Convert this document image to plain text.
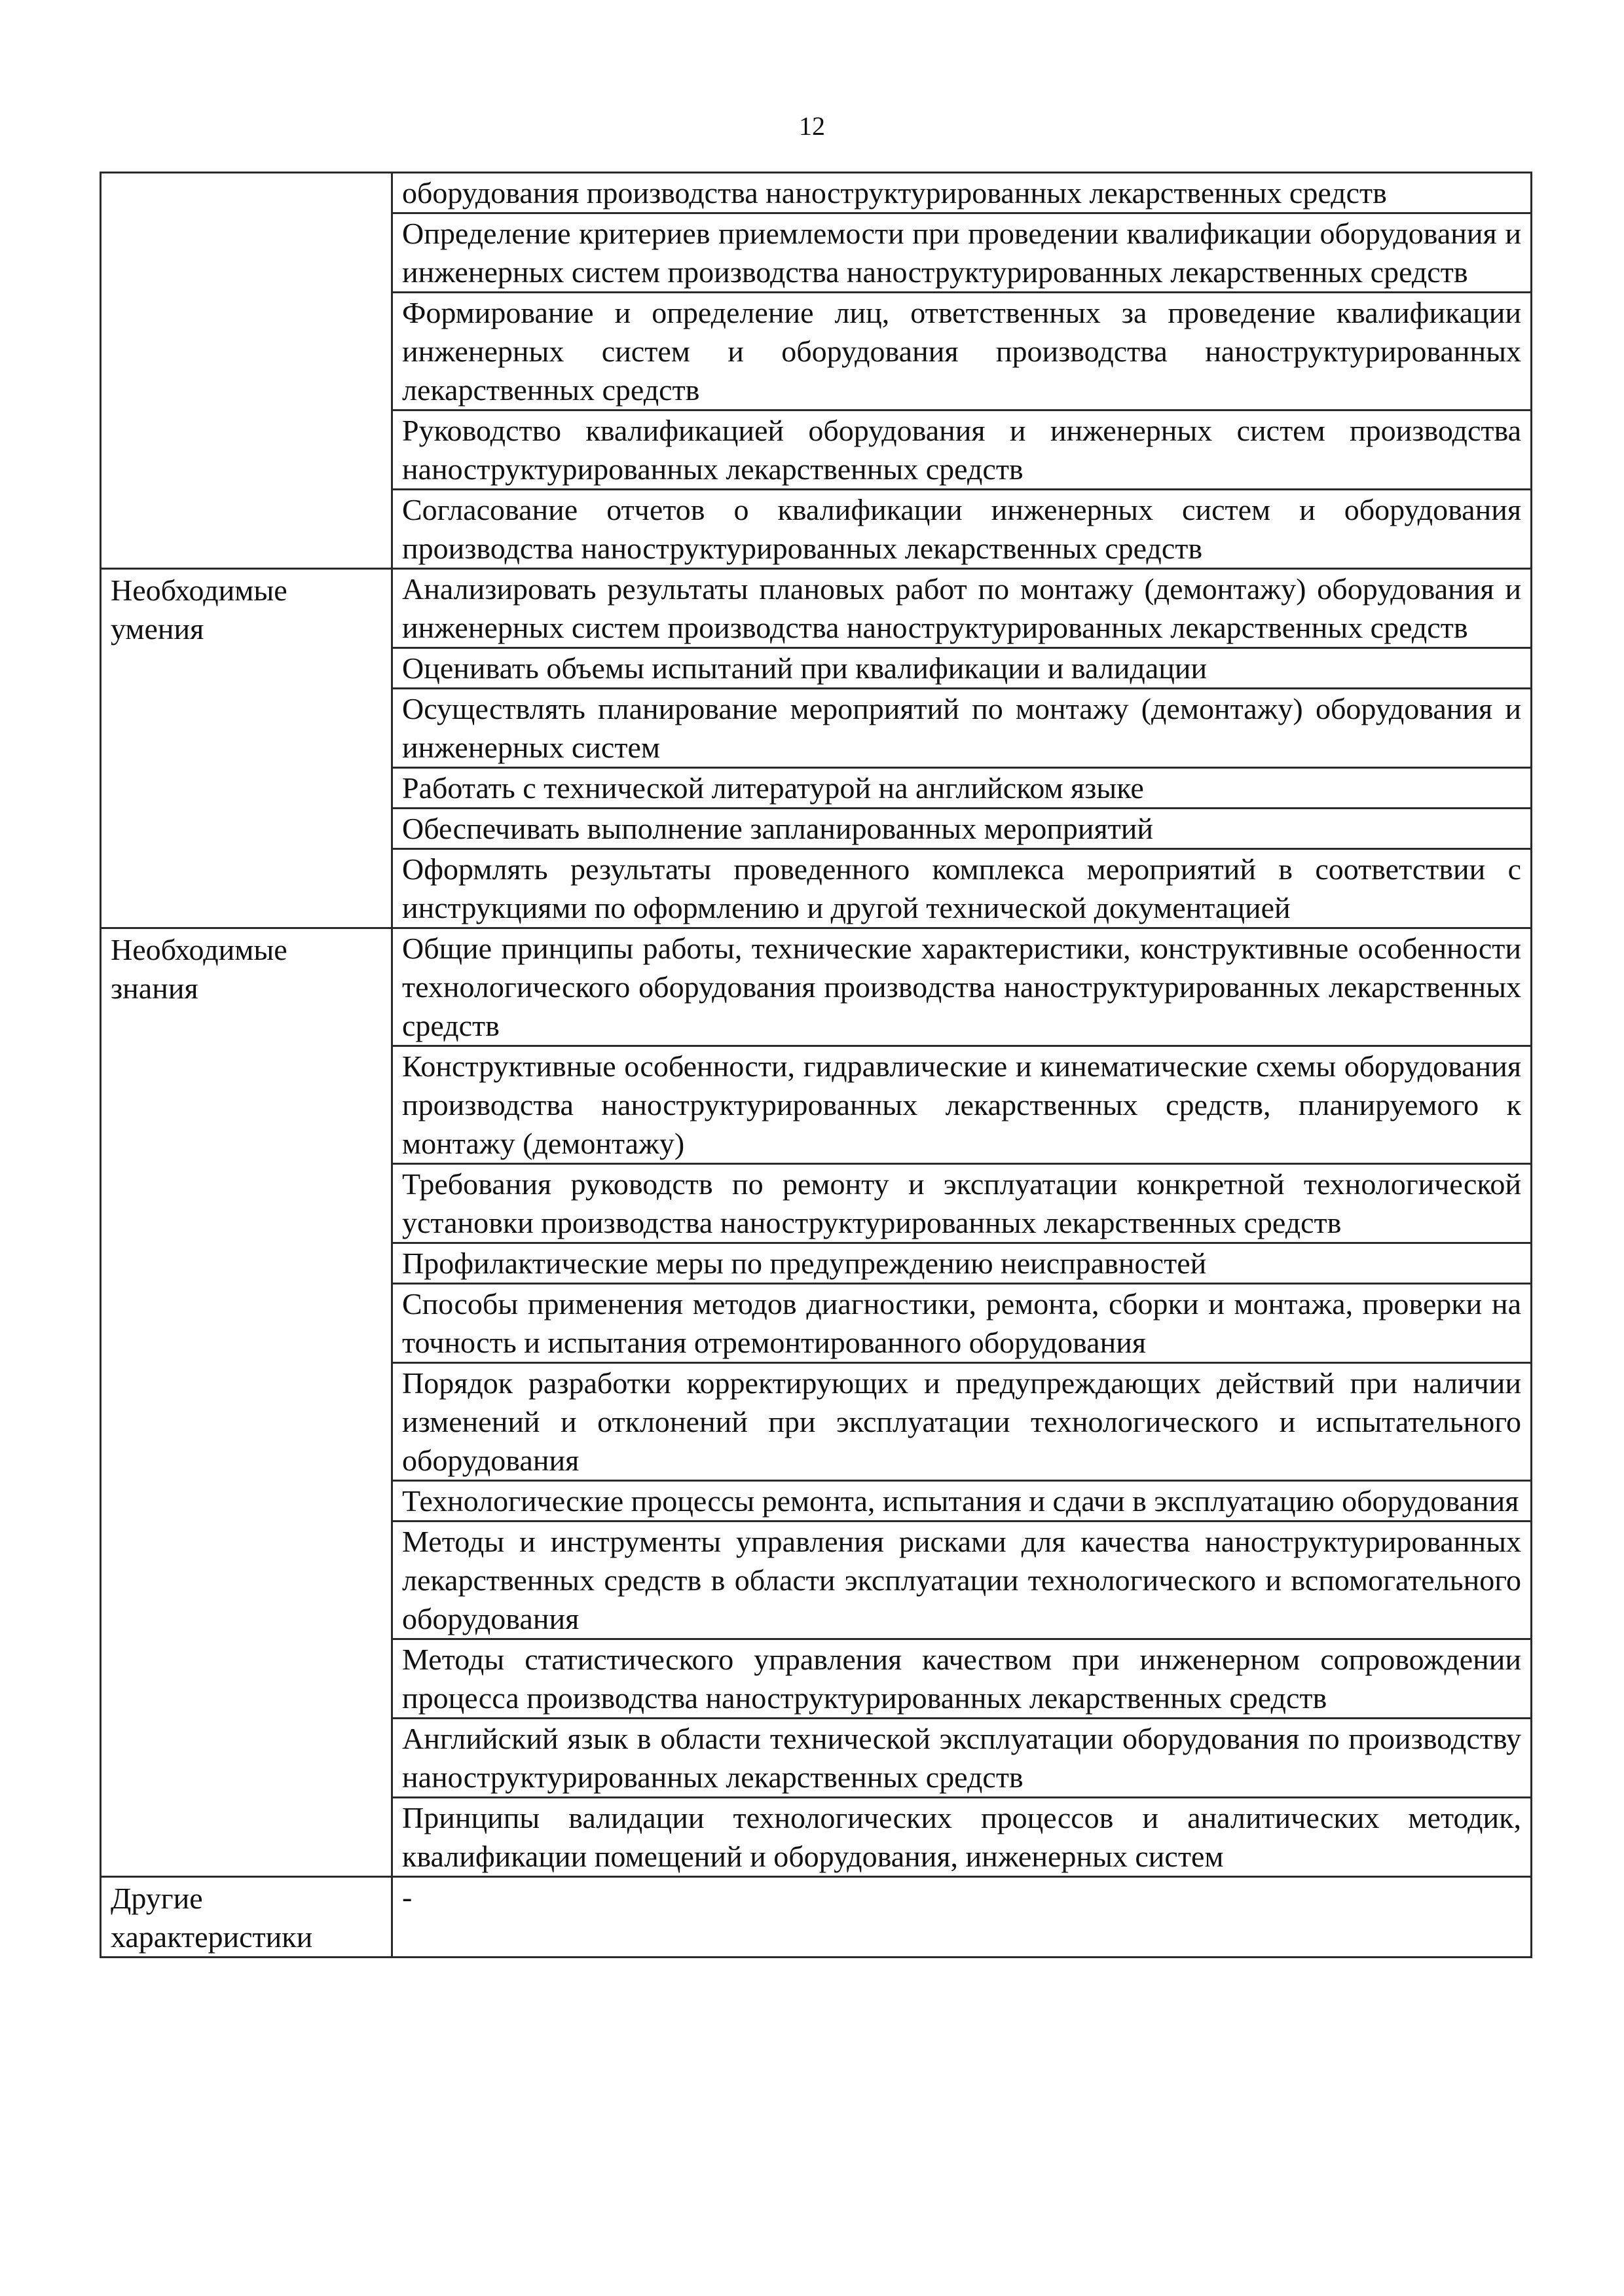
12
	оборудования производства наноструктурированных лекарственных средств
	Определение критериев приемлемости при проведении квалификации оборудования и инженерных систем производства наноструктурированных лекарственных средств
	Формирование и определение лиц, ответственных за проведение квалификации инженерных систем и оборудования производства наноструктурированных лекарственных средств
	Руководство квалификацией оборудования и инженерных систем производства наноструктурированных лекарственных средств
	Согласование отчетов о квалификации инженерных систем и оборудования производства наноструктурированных лекарственных средств
Необходимые умения	Анализировать результаты плановых работ по монтажу (демонтажу) оборудования и инженерных систем производства наноструктурированных лекарственных средств
	Оценивать объемы испытаний при квалификации и валидации
	Осуществлять планирование мероприятий по монтажу (демонтажу) оборудования и инженерных систем
	Работать с технической литературой на английском языке
	Обеспечивать выполнение запланированных мероприятий
	Оформлять результаты проведенного комплекса мероприятий в соответствии с инструкциями по оформлению и другой технической документацией
Необходимые знания	Общие принципы работы, технические характеристики, конструктивные особенности технологического оборудования производства наноструктурированных лекарственных средств
	Конструктивные особенности, гидравлические и кинематические схемы оборудования производства наноструктурированных лекарственных средств, планируемого к монтажу (демонтажу)
	Требования руководств по ремонту и эксплуатации конкретной технологической установки производства наноструктурированных лекарственных средств
	Профилактические меры по предупреждению неисправностей
	Способы применения методов диагностики, ремонта, сборки и монтажа, проверки на точность и испытания отремонтированного оборудования
	Порядок разработки корректирующих и предупреждающих действий при наличии изменений и отклонений при эксплуатации технологического и испытательного оборудования
	Технологические процессы ремонта, испытания и сдачи в эксплуатацию оборудования
	Методы и инструменты управления рисками для качества наноструктурированных лекарственных средств в области эксплуатации технологического и вспомогательного оборудования
	Методы статистического управления качеством при инженерном сопровождении процесса производства наноструктурированных лекарственных средств
	Английский язык в области технической эксплуатации оборудования по производству наноструктурированных лекарственных средств
	Принципы валидации технологических процессов и аналитических методик, квалификации помещений и оборудования, инженерных систем
Другие характеристики	-
